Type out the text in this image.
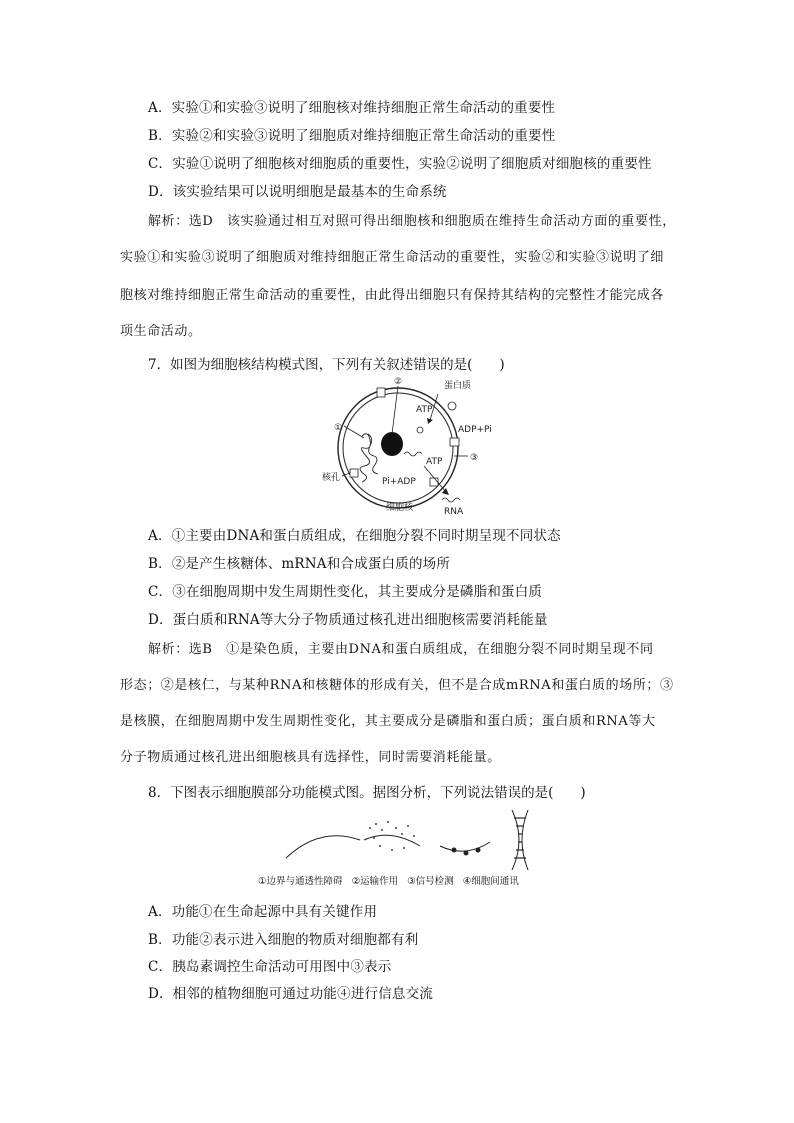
A．实验①和实验③说明了细胞核对维持细胞正常生命活动的重要性
B．实验②和实验③说明了细胞质对维持细胞正常生命活动的重要性
C．实验①说明了细胞核对细胞质的重要性，实验②说明了细胞质对细胞核的重要性
D．该实验结果可以说明细胞是最基本的生命系统
解析：选D　该实验通过相互对照可得出细胞核和细胞质在维持生命活动方面的重要性，
实验①和实验③说明了细胞质对维持细胞正常生命活动的重要性，实验②和实验③说明了细
胞核对维持细胞正常生命活动的重要性，由此得出细胞只有保持其结构的完整性才能完成各
项生命活动。
7．如图为细胞核结构模式图，下列有关叙述错误的是(　　)
①
②
③
蛋白质
ATP
ADP+Pi
ATP
Pi+ADP
核孔
细胞核	RNA
A．①主要由DNA和蛋白质组成，在细胞分裂不同时期呈现不同状态
B．②是产生核糖体、mRNA和合成蛋白质的场所
C．③在细胞周期中发生周期性变化，其主要成分是磷脂和蛋白质
D．蛋白质和RNA等大分子物质通过核孔进出细胞核需要消耗能量
解析：选B　①是染色质，主要由DNA和蛋白质组成，在细胞分裂不同时期呈现不同
形态；②是核仁，与某种RNA和核糖体的形成有关，但不是合成mRNA和蛋白质的场所；③
是核膜，在细胞周期中发生周期性变化，其主要成分是磷脂和蛋白质；蛋白质和RNA等大
分子物质通过核孔进出细胞核具有选择性，同时需要消耗能量。
8．下图表示细胞膜部分功能模式图。据图分析，下列说法错误的是(　　)
①边界与通透性障碍 ②运输作用 ③信号检测 ④细胞间通讯
A．功能①在生命起源中具有关键作用
B．功能②表示进入细胞的物质对细胞都有利
C．胰岛素调控生命活动可用图中③表示
D．相邻的植物细胞可通过功能④进行信息交流
